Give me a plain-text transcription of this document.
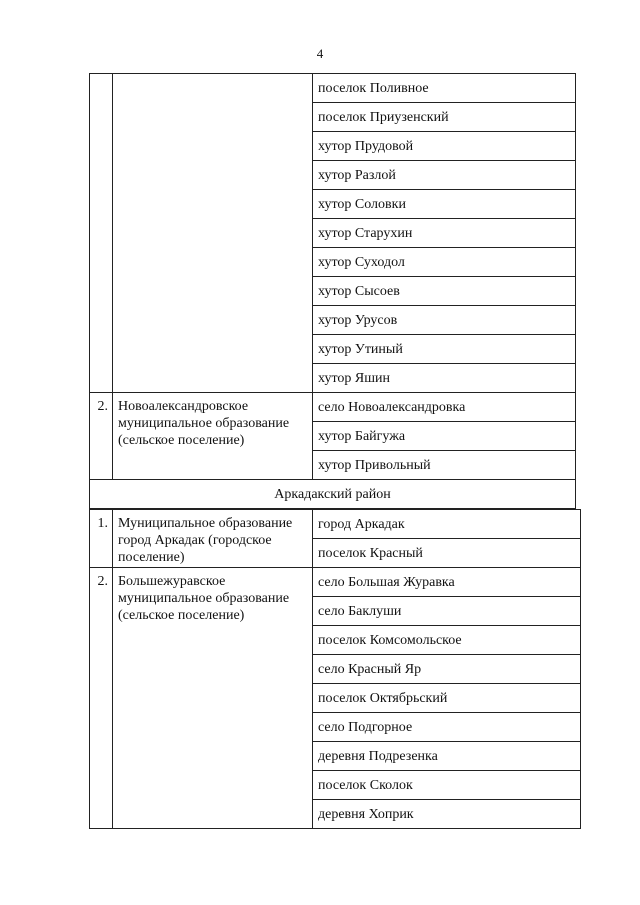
4
		поселок Поливное
		поселок Приузенский
		хутор Прудовой
		хутор Разлой
		хутор Соловки
		хутор Старухин
		хутор Суходол
		хутор Сысоев
		хутор Урусов
		хутор Утиный
		хутор Яшин
2.	Новоалександровское муниципальное образование (сельское поселение)	село Новоалександровка
		хутор Байгужа
		хутор Привольный
Аркадакский район		
1.	Муниципальное образование город Аркадак (городское поселение)	город Аркадак
		поселок Красный
2.	Большежуравское муниципальное образование (сельское поселение)	село Большая Журавка
		село Баклуши
		поселок Комсомольское
		село Красный Яр
		поселок Октябрьский
		село Подгорное
		деревня Подрезенка
		поселок Сколок
		деревня Хоприк
